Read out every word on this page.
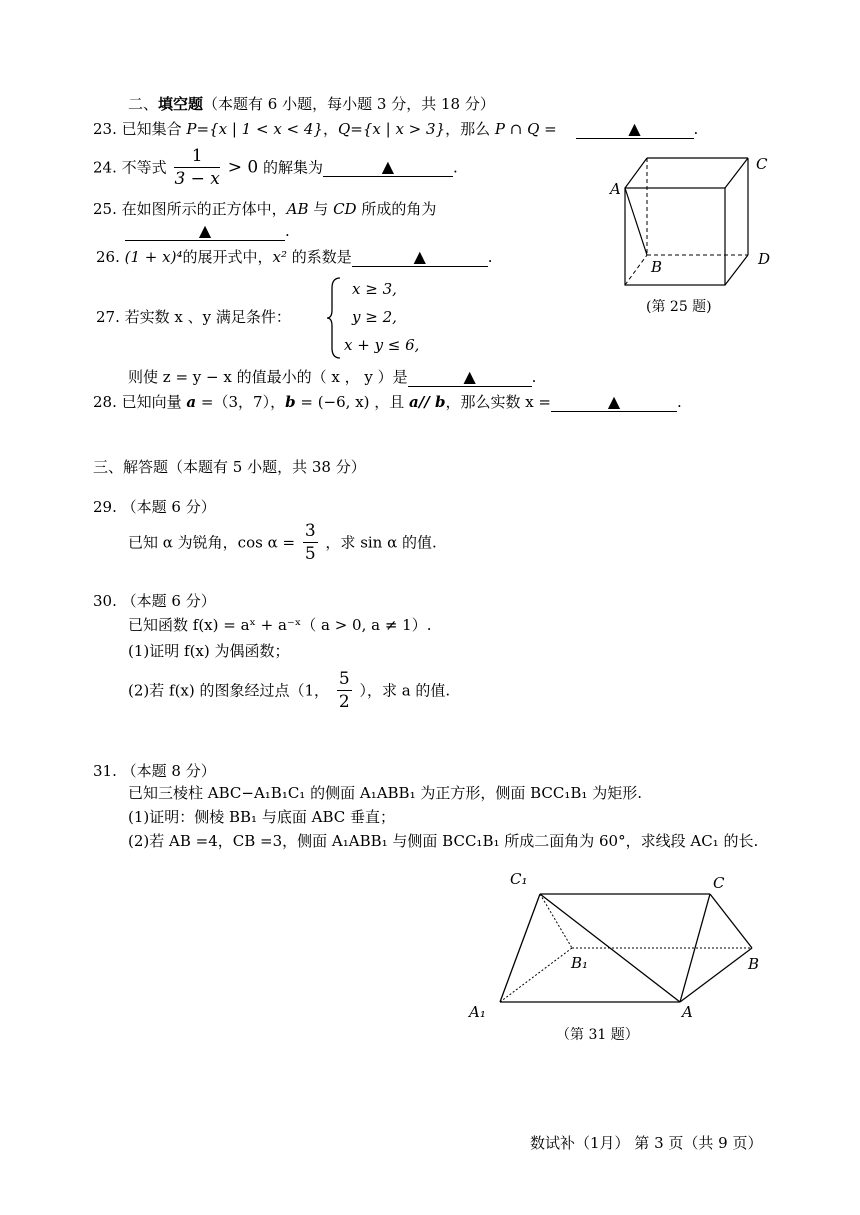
二、填空题（本题有 6 小题，每小题 3 分，共 18 分）
23. 已知集合 P={x | 1 < x < 4}，Q={x | x > 3}，那么 P ∩ Q =	▲	.
24. 不等式 $\frac{1}{3 - x} > 0$ 的解集为	▲	.
25. 在如图所示的正方体中，AB 与 CD 所成的角为
▲	.
26. (1 + x)⁴的展开式中，x² 的系数是	▲	.
27. 若实数 x 、y 满足条件：
x ≥ 3,
y ≥ 2,
x + y ≤ 6,
则使 z = y − x 的值最小的（ x ， y ）是	▲	.
28. 已知向量 a =（3，7），b = (−6, x) ，且 a// b，那么实数 x =	▲	.
A
B
C
D
(第 25 题)
三、解答题（本题有 5 小题，共 38 分）
29. （本题 6 分）
已知 α 为锐角，$\cos \alpha = \frac{3}{5}$ ，求 sin α 的值.
30. （本题 6 分）
已知函数 f(x) = aˣ + a⁻ˣ（ a > 0, a ≠ 1）.
(1)证明 f(x) 为偶函数；
(2)若 f(x) 的图象经过点（1， $\frac{5}{2}$ ），求 a 的值.
31. （本题 8 分）
已知三棱柱 ABC−A₁B₁C₁ 的侧面 A₁ABB₁ 为正方形，侧面 BCC₁B₁ 为矩形.
(1)证明：侧棱 BB₁ 与底面 ABC 垂直；
(2)若 AB =4，CB =3，侧面 A₁ABB₁ 与侧面 BCC₁B₁ 所成二面角为 60°，求线段 AC₁ 的长.
C₁	C
B₁	B
A₁	A
（第 31 题）
数试补（1月） 第 3 页（共 9 页）
